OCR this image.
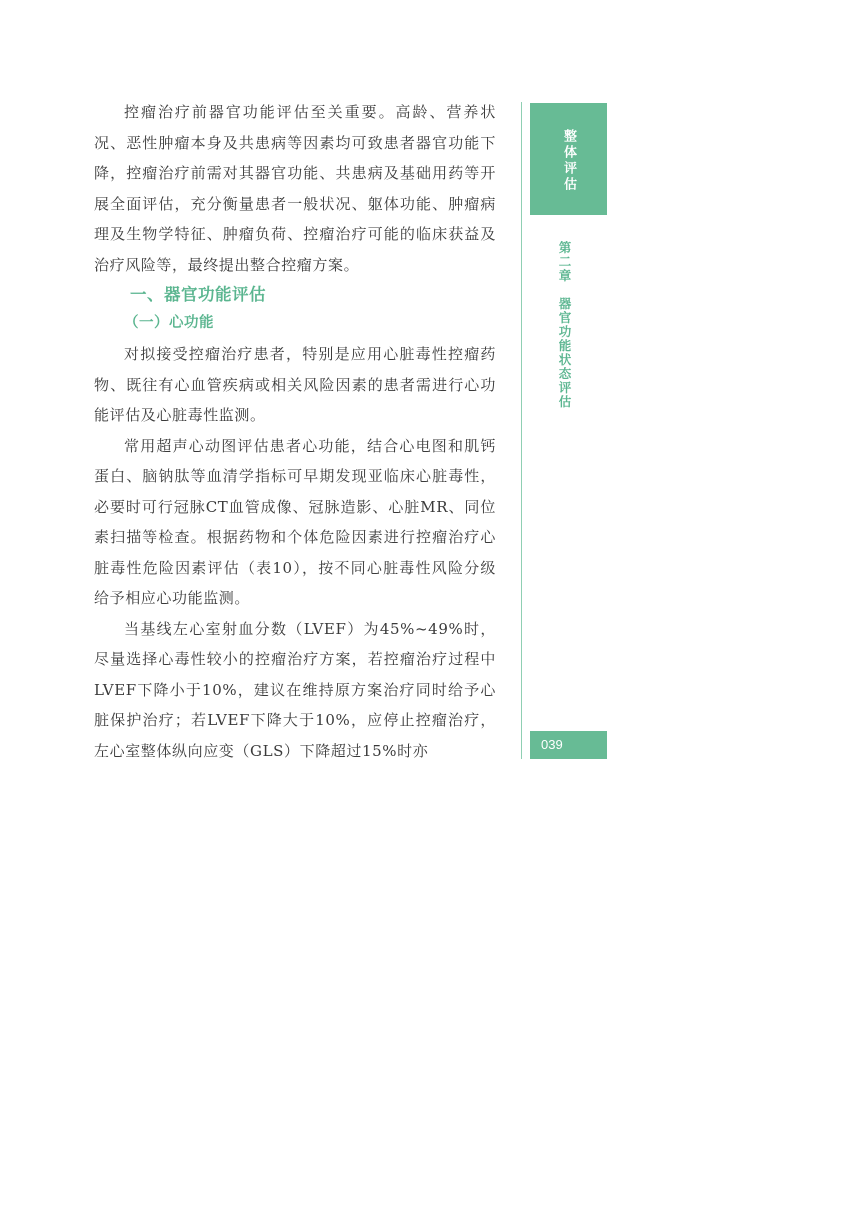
控瘤治疗前器官功能评估至关重要。高龄、营养状况、恶性肿瘤本身及共患病等因素均可致患者器官功能下降，控瘤治疗前需对其器官功能、共患病及基础用药等开展全面评估，充分衡量患者一般状况、躯体功能、肿瘤病理及生物学特征、肿瘤负荷、控瘤治疗可能的临床获益及治疗风险等，最终提出整合控瘤方案。

一、器官功能评估
（一）心功能

对拟接受控瘤治疗患者，特别是应用心脏毒性控瘤药物、既往有心血管疾病或相关风险因素的患者需进行心功能评估及心脏毒性监测。

常用超声心动图评估患者心功能，结合心电图和肌钙蛋白、脑钠肽等血清学指标可早期发现亚临床心脏毒性，必要时可行冠脉CT血管成像、冠脉造影、心脏MR、同位素扫描等检查。根据药物和个体危险因素进行控瘤治疗心脏毒性危险因素评估（表10），按不同心脏毒性风险分级给予相应心功能监测。

当基线左心室射血分数（LVEF）为45%~49%时，尽量选择心毒性较小的控瘤治疗方案，若控瘤治疗过程中LVEF下降小于10%，建议在维持原方案治疗同时给予心脏保护治疗；若LVEF下降大于10%，应停止控瘤治疗，左心室整体纵向应变（GLS）下降超过15%时亦

整体评估
第二章　器官功能状态评估
039
